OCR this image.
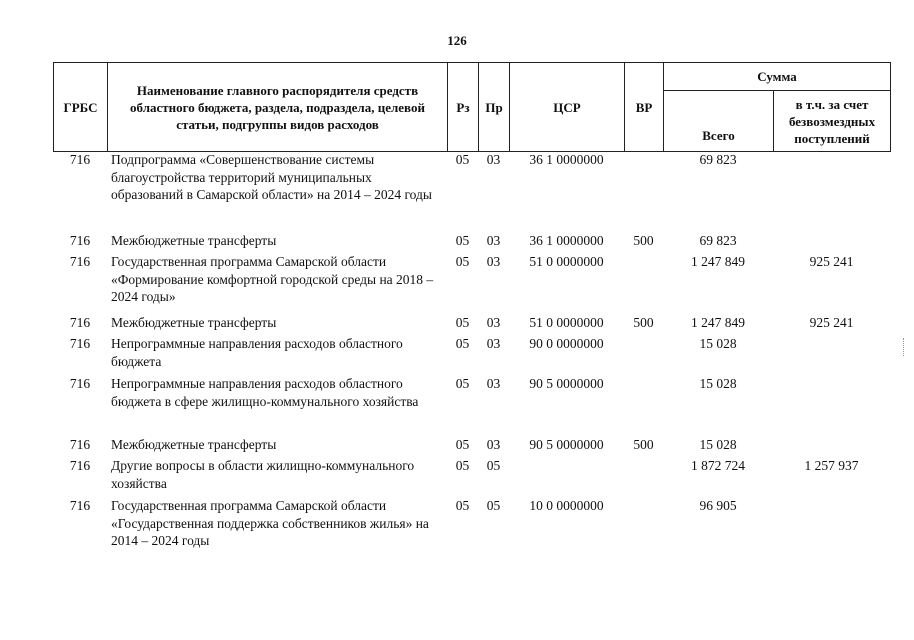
126
ГРБС	Наименование главного распорядителя средств областного бюджета, раздела, подраздела, целевой статьи, подгруппы видов расходов	Рз	Пр	ЦСР	ВР	Сумма	
						Всего	в т.ч. за счет безвозмездных поступлений
716	Подпрограмма «Совершенствование системы благоустройства территорий муниципальных образований в Самарской области» на 2014 – 2024 годы	05	03	36 1 0000000		69 823	
716	Межбюджетные трансферты	05	03	36 1 0000000	500	69 823	
716	Государственная программа Самарской области «Формирование комфортной городской среды на 2018 – 2024 годы»	05	03	51 0 0000000		1 247 849	925 241
716	Межбюджетные трансферты	05	03	51 0 0000000	500	1 247 849	925 241
716	Непрограммные направления расходов областного бюджета	05	03	90 0 0000000		15 028	
716	Непрограммные направления расходов областного бюджета в сфере жилищно-коммунального хозяйства	05	03	90 5 0000000		15 028	
716	Межбюджетные трансферты	05	03	90 5 0000000	500	15 028	
716	Другие вопросы в области жилищно-коммунального хозяйства	05	05			1 872 724	1 257 937
716	Государственная программа Самарской области «Государственная поддержка собственников жилья» на 2014 – 2024 годы	05	05	10 0 0000000		96 905	
